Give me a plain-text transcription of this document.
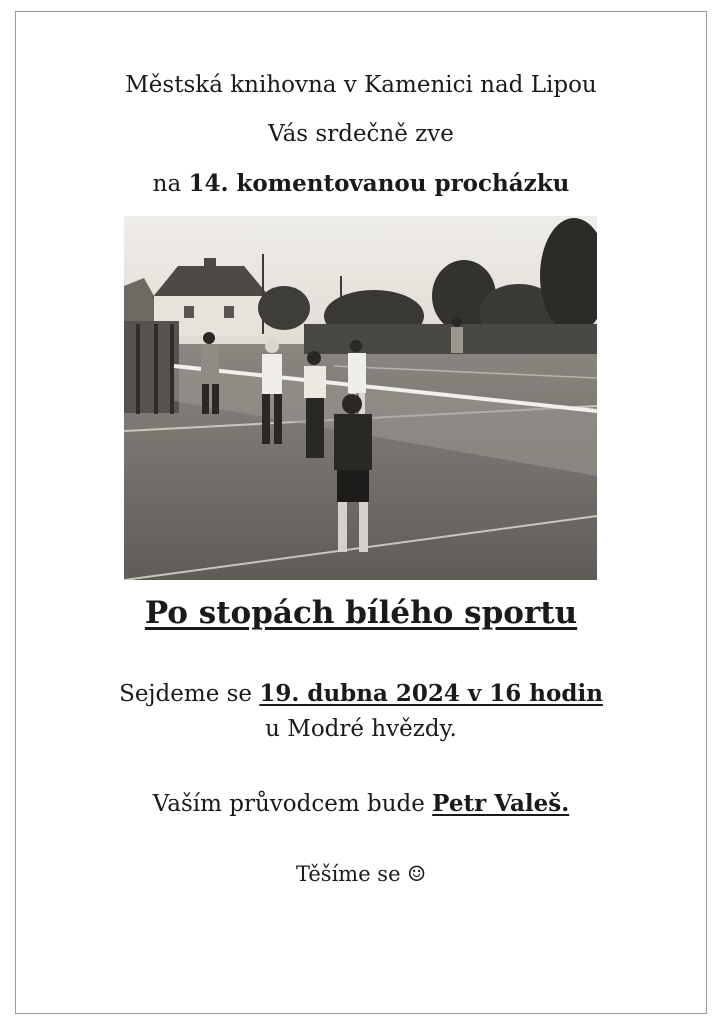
Městská knihovna v Kamenici nad Lipou
Vás srdečně zve
na 14. komentovanou procházku
Po stopách bílého sportu
Sejdeme se 19. dubna 2024 v 16 hodin
u Modré hvězdy.
Vaším průvodcem bude Petr Valeš.
Těšíme se ☺
